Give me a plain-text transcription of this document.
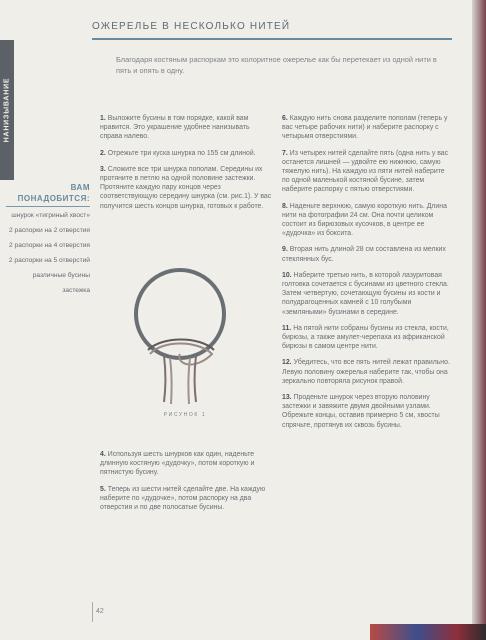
НАНИЗЫВАНИЕ
ВАМ
ПОНАДОБИТСЯ:
шнурок «тигриный хвост»
2 распорки на 2 отверстия
2 распорки на 4 отверстия
2 распорки на 5 отверстий
различные бусины
застежка
ОЖЕРЕЛЬЕ В НЕСКОЛЬКО НИТЕЙ
Благодаря костяным распоркам это колоритное ожерелье как бы перетекает из одной нити в пять и опять в одну.

1. Выложите бусины в том порядке, какой вам нравится. Это украшение удобнее нанизывать справа налево.

2. Отрежьте три куска шнурка по 155 см длиной.

3. Сложите все три шнурка пополам. Середины их протяните в петлю на одной половине застежки. Протяните каждую пару концов через соответствующую середину шнурка (см. рис.1). У вас получится шесть концов шнурка, готовых к работе.

РИСУНОК 1

4. Используя шесть шнурков как один, наденьте длинную костяную «дудочку», потом короткую и пятнистую бусину.

5. Теперь из шести нитей сделайте две. На каждую наберите по «дудочке», потом распорку на два отверстия и по две полосатые бусины.

6. Каждую нить снова разделите пополам (теперь у вас четыре рабочих нити) и наберите распорку с четырьмя отверстиями.

7. Из четырех нитей сделайте пять (одна нить у вас останется лишней — удвойте ею нижнюю, самую тяжелую нить). На каждую из пяти нитей наберите по одной маленькой костяной бусине, затем наберите распорку с пятью отверстиями.

8. Наденьте верхнюю, самую короткую нить. Длина нити на фотографии 24 см. Она почти целиком состоит из бирюзовых кусочков, в центре ее «дудочка» из боксита.

9. Вторая нить длиной 28 см составлена из мелких стеклянных бус.

10. Наберите третью нить, в которой лазуритовая голтовка сочетается с бусинами из цветного стекла. Затем четвертую, сочетающую бусины из кости и полудрагоценных камней с 10 голубыми «земляными» бусинами в середине.

11. На пятой нити собраны бусины из стекла, кости, бирюзы, а также амулет-черепаха из африканской бирюзы в самом центре нити.

12. Убедитесь, что все пять нитей лежат правильно. Левую половину ожерелья наберите так, чтобы она зеркально повторяла рисунок правой.

13. Проденьте шнурок через вторую половину застежки и завяжите двумя двойными узлами. Обрежьте концы, оставив примерно 5 см, хвосты спрячьте, протянув их сквозь бусины.

42
